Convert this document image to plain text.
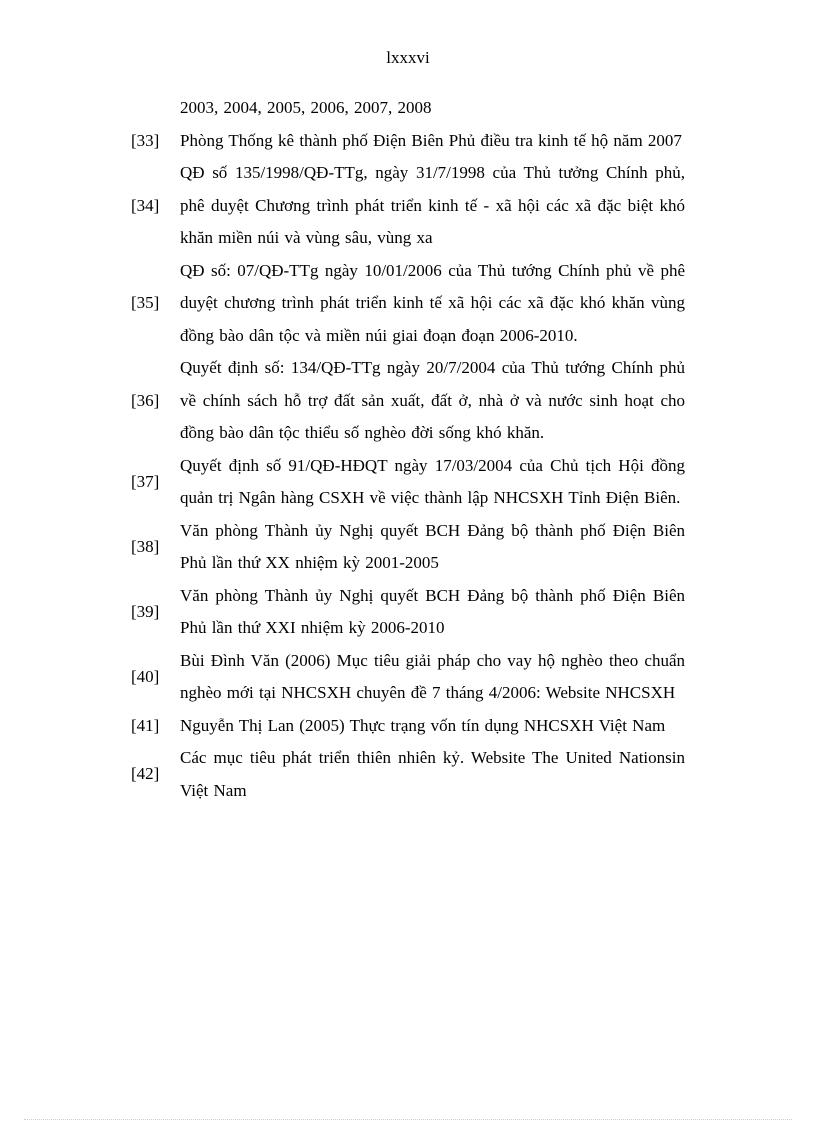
lxxxvi
2003, 2004, 2005, 2006, 2007, 2008
[33]	Phòng Thống kê thành phố Điện Biên Phủ điều tra kinh tế hộ năm 2007
[34]
QĐ số 135/1998/QĐ-TTg, ngày 31/7/1998 của Thủ tưởng Chính phủ, phê duyệt Chương trình phát triển kinh tế - xã hội các xã đặc biệt khó khăn miền núi và vùng sâu, vùng xa
[35]
QĐ số: 07/QĐ-TTg ngày 10/01/2006 của Thủ tướng Chính phủ về phê duyệt chương trình phát triển kinh tế xã hội các xã đặc khó khăn vùng đồng bào dân tộc và miền núi giai đoạn đoạn 2006-2010.
[36]
Quyết định số: 134/QĐ-TTg ngày 20/7/2004 của Thủ tướng Chính phủ về chính sách hỗ trợ đất sản xuất, đất ở, nhà ở và nước sinh hoạt cho đồng bào dân tộc thiểu số nghèo đời sống khó khăn.
[37]
Quyết định số 91/QĐ-HĐQT ngày 17/03/2004 của Chủ tịch Hội đồng quản trị Ngân hàng CSXH về việc thành lập NHCSXH Tỉnh Điện Biên.
[38]
Văn phòng Thành ủy Nghị quyết BCH Đảng bộ thành phố Điện Biên Phủ lần thứ XX nhiệm kỳ 2001-2005
[39]
Văn phòng Thành ủy Nghị quyết BCH Đảng bộ thành phố Điện Biên Phủ lần thứ XXI nhiệm kỳ 2006-2010
[40]
Bùi Đình Văn (2006) Mục tiêu giải pháp cho vay hộ nghèo theo chuẩn nghèo mới tại NHCSXH chuyên đề 7 tháng 4/2006: Website NHCSXH
[41]	Nguyễn Thị Lan (2005) Thực trạng vốn tín dụng NHCSXH Việt Nam
[42]
Các mục tiêu phát triển thiên nhiên kỷ. Website The United Nationsin Việt Nam
